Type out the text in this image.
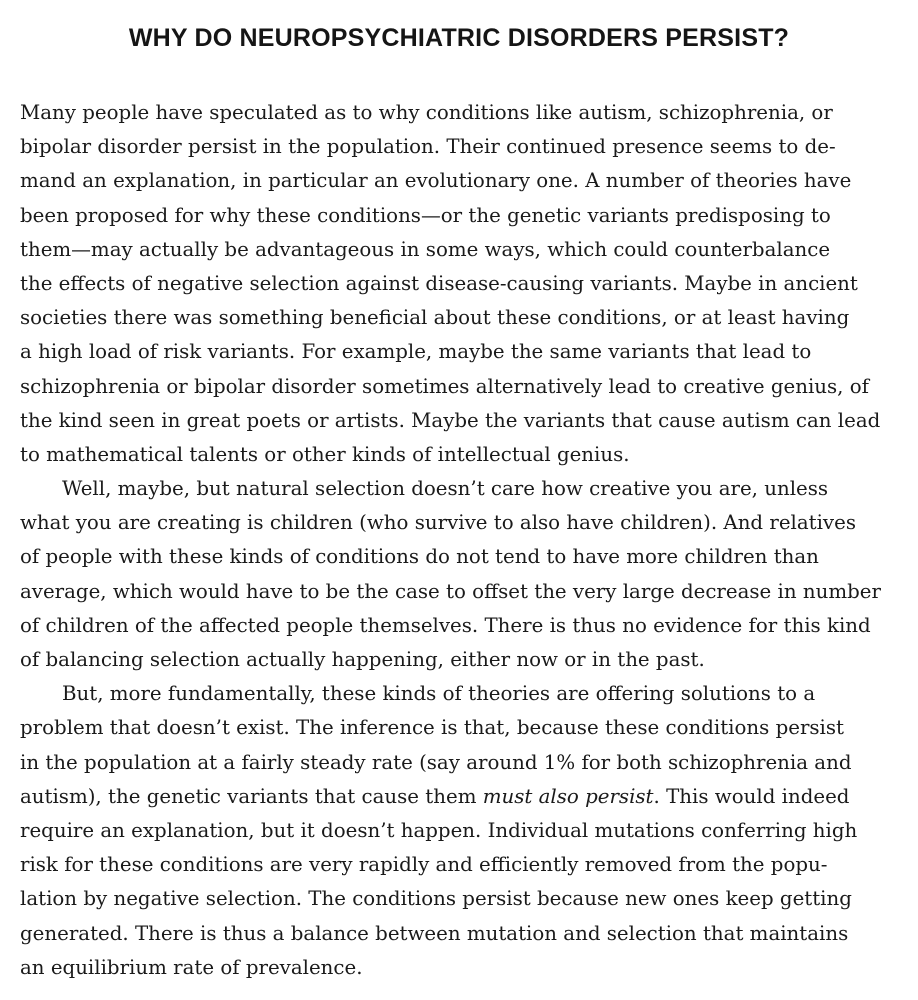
WHY DO NEUROPSYCHIATRIC DISORDERS PERSIST?
Many people have speculated as to why conditions like autism, schizophrenia, or
bipolar disorder persist in the population. Their continued presence seems to de-
mand an explanation, in particular an evolutionary one. A number of theories have
been proposed for why these conditions—or the genetic variants predisposing to
them—may actually be advantageous in some ways, which could counterbalance
the effects of negative selection against disease-causing variants. Maybe in ancient
societies there was something beneficial about these conditions, or at least having
a high load of risk variants. For example, maybe the same variants that lead to
schizophrenia or bipolar disorder sometimes alternatively lead to creative genius, of
the kind seen in great poets or artists. Maybe the variants that cause autism can lead
to mathematical talents or other kinds of intellectual genius.
Well, maybe, but natural selection doesn’t care how creative you are, unless
what you are creating is children (who survive to also have children). And relatives
of people with these kinds of conditions do not tend to have more children than
average, which would have to be the case to offset the very large decrease in number
of children of the affected people themselves. There is thus no evidence for this kind
of balancing selection actually happening, either now or in the past.
But, more fundamentally, these kinds of theories are offering solutions to a
problem that doesn’t exist. The inference is that, because these conditions persist
in the population at a fairly steady rate (say around 1% for both schizophrenia and
autism), the genetic variants that cause them must also persist. This would indeed
require an explanation, but it doesn’t happen. Individual mutations conferring high
risk for these conditions are very rapidly and efficiently removed from the popu-
lation by negative selection. The conditions persist because new ones keep getting
generated. There is thus a balance between mutation and selection that maintains
an equilibrium rate of prevalence.
